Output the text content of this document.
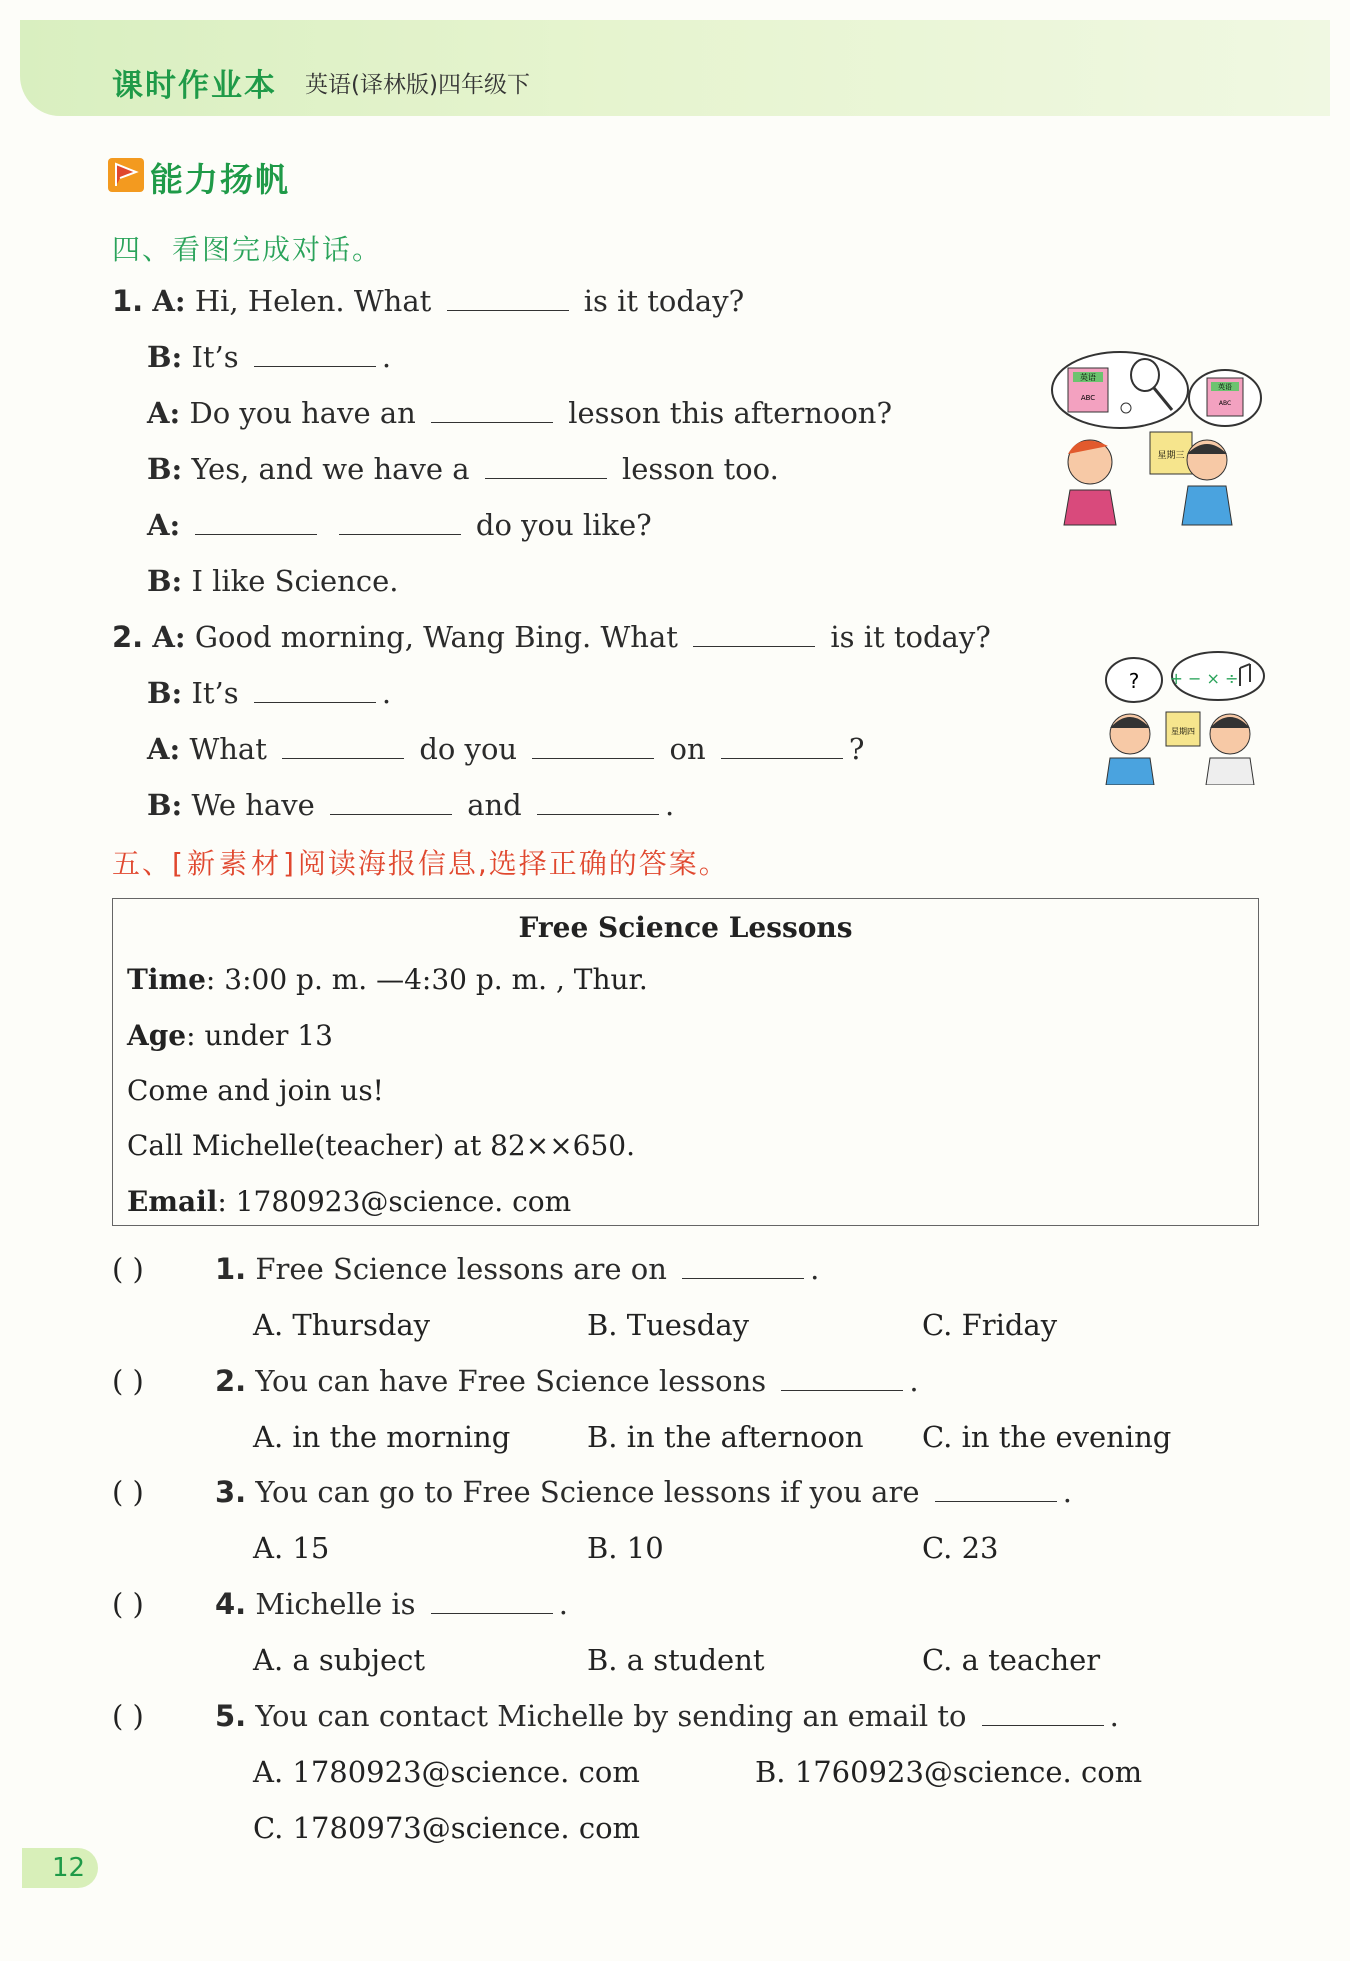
课时作业本 英语(译林版)四年级下
能力扬帆
四、看图完成对话。
1. A: Hi, Helen. What	is it today?
B: It’s	.
A: Do you have an	lesson this afternoon?
B: Yes, and we have a	lesson too.
A:	do you like?
B: I like Science.
英语
ABC
英语
ABC
星期三
2. A: Good morning, Wang Bing. What	is it today?
B: It’s	.
A: What	do you	on	?
B: We have	and	.
? + − × ÷
星期四
五、[新素材]阅读海报信息,选择正确的答案。
Free Science Lessons
Time: 3:00 p. m. —4:30 p. m. , Thur.
Age: under 13
Come and join us!
Call Michelle(teacher) at 82××650.
Email: 1780923@science. com
( ) 1. Free Science lessons are on	.
A. Thursday	B. Tuesday	C. Friday
( ) 2. You can have Free Science lessons	.
A. in the morning	B. in the afternoon C. in the evening
( ) 3. You can go to Free Science lessons if you are	.
A. 15	B. 10	C. 23
( ) 4. Michelle is	.
A. a subject	B. a student	C. a teacher
( ) 5. You can contact Michelle by sending an email to	.
A. 1780923@science. com	B. 1760923@science. com
C. 1780973@science. com
12
